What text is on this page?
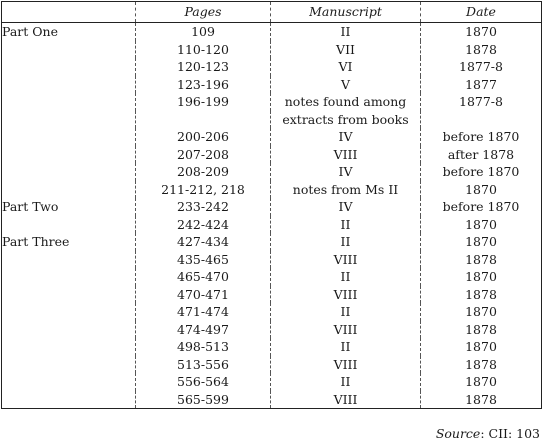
	Pages	Manuscript	Date
Part One	109	II	1870
	110-120	VII	1878
	120-123	VI	1877-8
	123-196	V	1877
	196-199	notes found among	1877-8
		extracts from books	
	200-206	IV	before 1870
	207-208	VIII	after 1878
	208-209	IV	before 1870
	211-212, 218	notes from Ms II	1870
Part Two	233-242	IV	before 1870
	242-424	II	1870
Part Three	427-434	II	1870
	435-465	VIII	1878
	465-470	II	1870
	470-471	VIII	1878
	471-474	II	1870
	474-497	VIII	1878
	498-513	II	1870
	513-556	VIII	1878
	556-564	II	1870
	565-599	VIII	1878
Source: CII: 103
